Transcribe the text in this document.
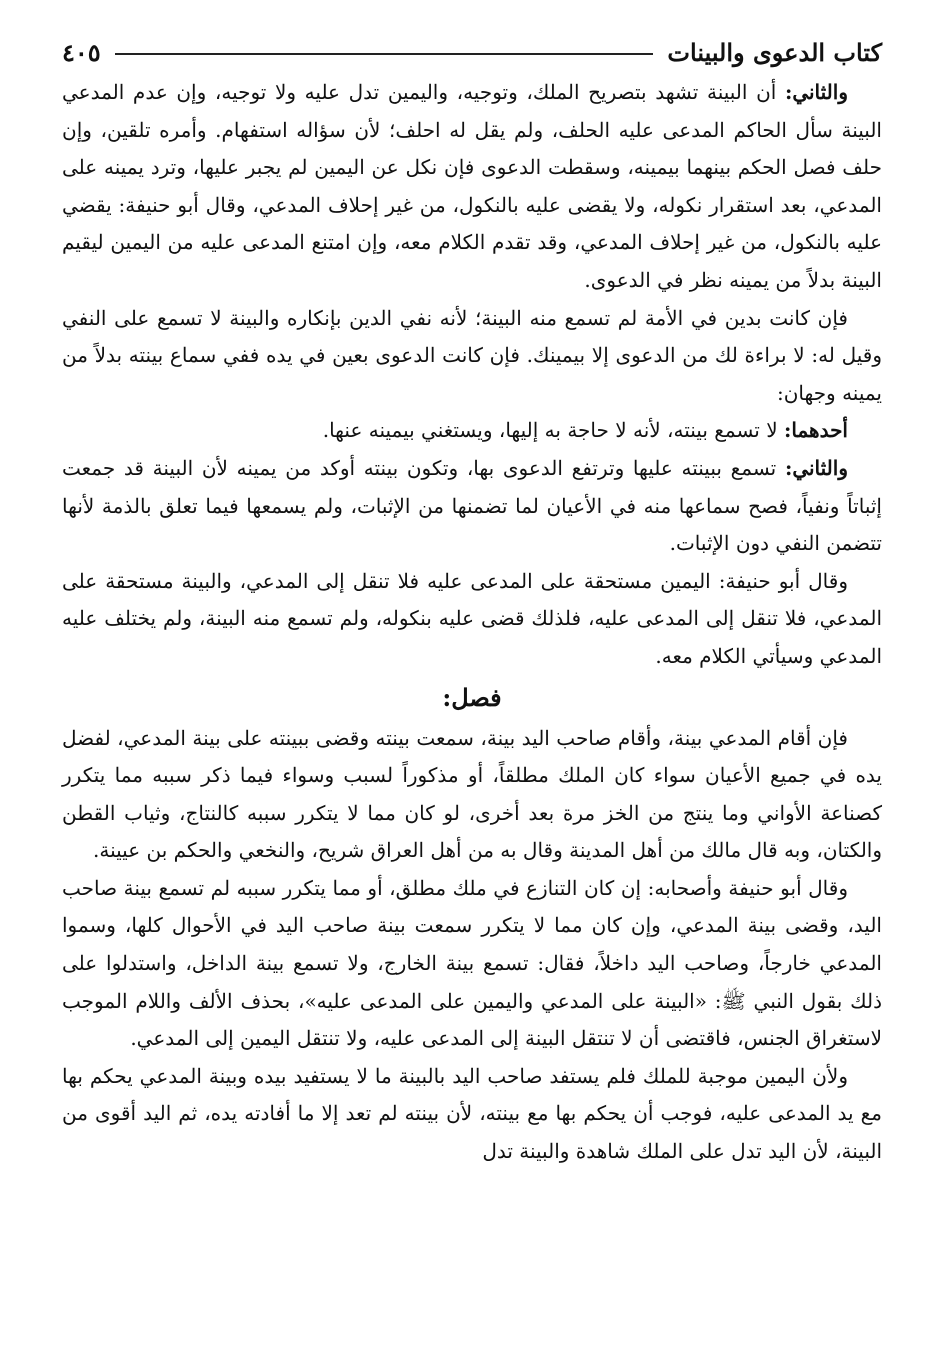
كتاب الدعوى والبينات
٤٠٥

والثاني: أن البينة تشهد بتصريح الملك، وتوجيه، واليمين تدل عليه ولا توجيه، وإن عدم المدعي البينة سأل الحاكم المدعى عليه الحلف، ولم يقل له احلف؛ لأن سؤاله استفهام. وأمره تلقين، وإن حلف فصل الحكم بينهما بيمينه، وسقطت الدعوى فإن نكل عن اليمين لم يجبر عليها، وترد يمينه على المدعي، بعد استقرار نكوله، ولا يقضى عليه بالنكول، من غير إحلاف المدعي، وقال أبو حنيفة: يقضي عليه بالنكول، من غير إحلاف المدعي، وقد تقدم الكلام معه، وإن امتنع المدعى عليه من اليمين ليقيم البينة بدلاً من يمينه نظر في الدعوى.

فإن كانت بدين في الأمة لم تسمع منه البينة؛ لأنه نفي الدين بإنكاره والبينة لا تسمع على النفي وقيل له: لا براءة لك من الدعوى إلا بيمينك. فإن كانت الدعوى بعين في يده ففي سماع بينته بدلاً من يمينه وجهان:

أحدهما: لا تسمع بينته، لأنه لا حاجة به إليها، ويستغني بيمينه عنها.

والثاني: تسمع ببينته عليها وترتفع الدعوى بها، وتكون بينته أوكد من يمينه لأن البينة قد جمعت إثباتاً ونفياً، فصح سماعها منه في الأعيان لما تضمنها من الإثبات، ولم يسمعها فيما تعلق بالذمة لأنها تتضمن النفي دون الإثبات.

وقال أبو حنيفة: اليمين مستحقة على المدعى عليه فلا تنقل إلى المدعي، والبينة مستحقة على المدعي، فلا تنقل إلى المدعى عليه، فلذلك قضى عليه بنكوله، ولم تسمع منه البينة، ولم يختلف عليه المدعي وسيأتي الكلام معه.

فصل:

فإن أقام المدعي بينة، وأقام صاحب اليد بينة، سمعت بينته وقضى ببينته على بينة المدعي، لفضل يده في جميع الأعيان سواء كان الملك مطلقاً، أو مذكوراً لسبب وسواء فيما ذكر سببه مما يتكرر كصناعة الأواني وما ينتج من الخز مرة بعد أخرى، لو كان مما لا يتكرر سببه كالنتاج، وثياب القطن والكتان، وبه قال مالك من أهل المدينة وقال به من أهل العراق شريح، والنخعي والحكم بن عيينة.

وقال أبو حنيفة وأصحابه: إن كان التنازع في ملك مطلق، أو مما يتكرر سببه لم تسمع بينة صاحب اليد، وقضى بينة المدعي، وإن كان مما لا يتكرر سمعت بينة صاحب اليد في الأحوال كلها، وسموا المدعي خارجاً، وصاحب اليد داخلاً، فقال: تسمع بينة الخارج، ولا تسمع بينة الداخل، واستدلوا على ذلك بقول النبي ﷺ: «البينة على المدعي واليمين على المدعى عليه»، بحذف الألف واللام الموجب لاستغراق الجنس، فاقتضى أن لا تنتقل البينة إلى المدعى عليه، ولا تنتقل اليمين إلى المدعي.

ولأن اليمين موجبة للملك فلم يستفد صاحب اليد بالبينة ما لا يستفيد بيده وبينة المدعي يحكم بها مع يد المدعى عليه، فوجب أن يحكم بها مع بينته، لأن بينته لم تعد إلا ما أفادته يده، ثم اليد أقوى من البينة، لأن اليد تدل على الملك شاهدة والبينة تدل
